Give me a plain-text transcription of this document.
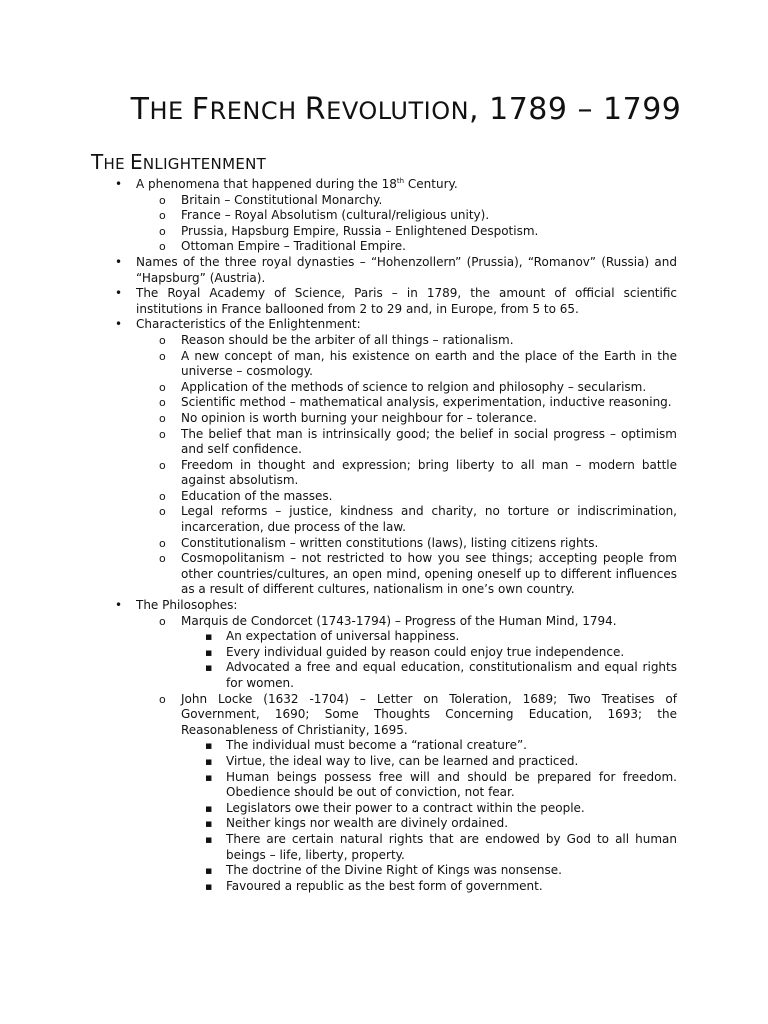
THE FRENCH REVOLUTION, 1789 – 1799
THE ENLIGHTENMENT
• A phenomena that happened during the 18th Century.
o Britain – Constitutional Monarchy.
o France – Royal Absolutism (cultural/religious unity).
o Prussia, Hapsburg Empire, Russia – Enlightened Despotism.
o Ottoman Empire – Traditional Empire.
• Names of the three royal dynasties – “Hohenzollern” (Prussia), “Romanov” (Russia) and “Hapsburg” (Austria).
• The Royal Academy of Science, Paris – in 1789, the amount of official scientific institutions in France ballooned from 2 to 29 and, in Europe, from 5 to 65.
• Characteristics of the Enlightenment:
o Reason should be the arbiter of all things – rationalism.
o A new concept of man, his existence on earth and the place of the Earth in the universe – cosmology.
o Application of the methods of science to relgion and philosophy – secularism.
o Scientific method – mathematical analysis, experimentation, inductive reasoning.
o No opinion is worth burning your neighbour for – tolerance.
o The belief that man is intrinsically good; the belief in social progress – optimism and self confidence.
o Freedom in thought and expression; bring liberty to all man – modern battle against absolutism.
o Education of the masses.
o Legal reforms – justice, kindness and charity, no torture or indiscrimination, incarceration, due process of the law.
o Constitutionalism – written constitutions (laws), listing citizens rights.
o Cosmopolitanism – not restricted to how you see things; accepting people from other countries/cultures, an open mind, opening oneself up to different influences as a result of different cultures, nationalism in one’s own country.
• The Philosophes:
o Marquis de Condorcet (1743-1794) – Progress of the Human Mind, 1794.
▪ An expectation of universal happiness.
▪ Every individual guided by reason could enjoy true independence.
▪ Advocated a free and equal education, constitutionalism and equal rights for women.
o John Locke (1632 -1704) – Letter on Toleration, 1689; Two Treatises of Government, 1690; Some Thoughts Concerning Education, 1693; the Reasonableness of Christianity, 1695.
▪ The individual must become a “rational creature”.
▪ Virtue, the ideal way to live, can be learned and practiced.
▪ Human beings possess free will and should be prepared for freedom. Obedience should be out of conviction, not fear.
▪ Legislators owe their power to a contract within the people.
▪ Neither kings nor wealth are divinely ordained.
▪ There are certain natural rights that are endowed by God to all human beings – life, liberty, property.
▪ The doctrine of the Divine Right of Kings was nonsense.
▪ Favoured a republic as the best form of government.
